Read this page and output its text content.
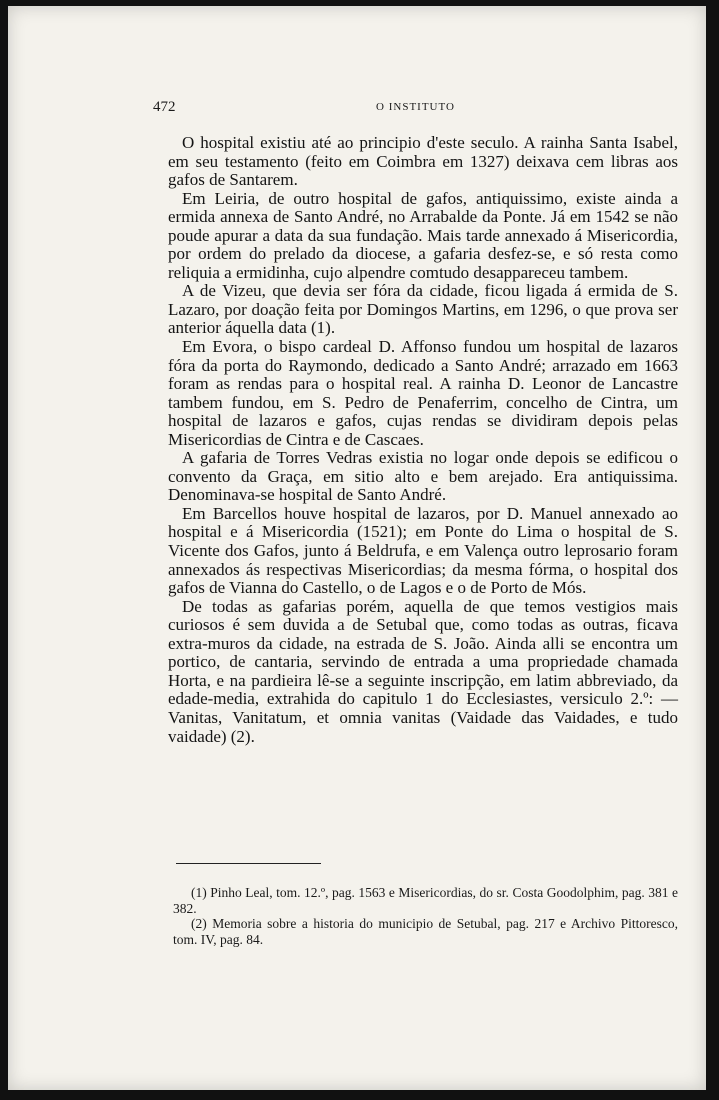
472	O INSTITUTO

O hospital existiu até ao principio d'este seculo. A rainha Santa Isabel, em seu testamento (feito em Coimbra em 1327) deixava cem libras aos gafos de Santarem.

Em Leiria, de outro hospital de gafos, antiquissimo, existe ainda a ermida annexa de Santo André, no Arrabalde da Ponte. Já em 1542 se não poude apurar a data da sua fundação. Mais tarde annexado á Misericordia, por ordem do prelado da diocese, a gafaria desfez-se, e só resta como reliquia a ermidinha, cujo alpendre comtudo desappareceu tambem.

A de Vizeu, que devia ser fóra da cidade, ficou ligada á ermida de S. Lazaro, por doação feita por Domingos Martins, em 1296, o que prova ser anterior áquella data (1).

Em Evora, o bispo cardeal D. Affonso fundou um hospital de lazaros fóra da porta do Raymondo, dedicado a Santo André; arrazado em 1663 foram as rendas para o hospital real. A rainha D. Leonor de Lancastre tambem fundou, em S. Pedro de Penaferrim, concelho de Cintra, um hospital de lazaros e gafos, cujas rendas se dividiram depois pelas Misericordias de Cintra e de Cascaes.

A gafaria de Torres Vedras existia no logar onde depois se edificou o convento da Graça, em sitio alto e bem arejado. Era antiquissima. Denominava-se hospital de Santo André.

Em Barcellos houve hospital de lazaros, por D. Manuel annexado ao hospital e á Misericordia (1521); em Ponte do Lima o hospital de S. Vicente dos Gafos, junto á Beldrufa, e em Valença outro leprosario foram annexados ás respectivas Misericordias; da mesma fórma, o hospital dos gafos de Vianna do Castello, o de Lagos e o de Porto de Mós.

De todas as gafarias porém, aquella de que temos vestigios mais curiosos é sem duvida a de Setubal que, como todas as outras, ficava extra-muros da cidade, na estrada de S. João. Ainda alli se encontra um portico, de cantaria, servindo de entrada a uma propriedade chamada Horta, e na pardieira lê-se a seguinte inscripção, em latim abbreviado, da edade-media, extrahida do capitulo 1 do Ecclesiastes, versiculo 2.º: —Vanitas, Vanitatum, et omnia vanitas (Vaidade das Vaidades, e tudo vaidade) (2).

(1) Pinho Leal, tom. 12.º, pag. 1563 e Misericordias, do sr. Costa Goodolphim, pag. 381 e 382.

(2) Memoria sobre a historia do municipio de Setubal, pag. 217 e Archivo Pittoresco, tom. IV, pag. 84.
